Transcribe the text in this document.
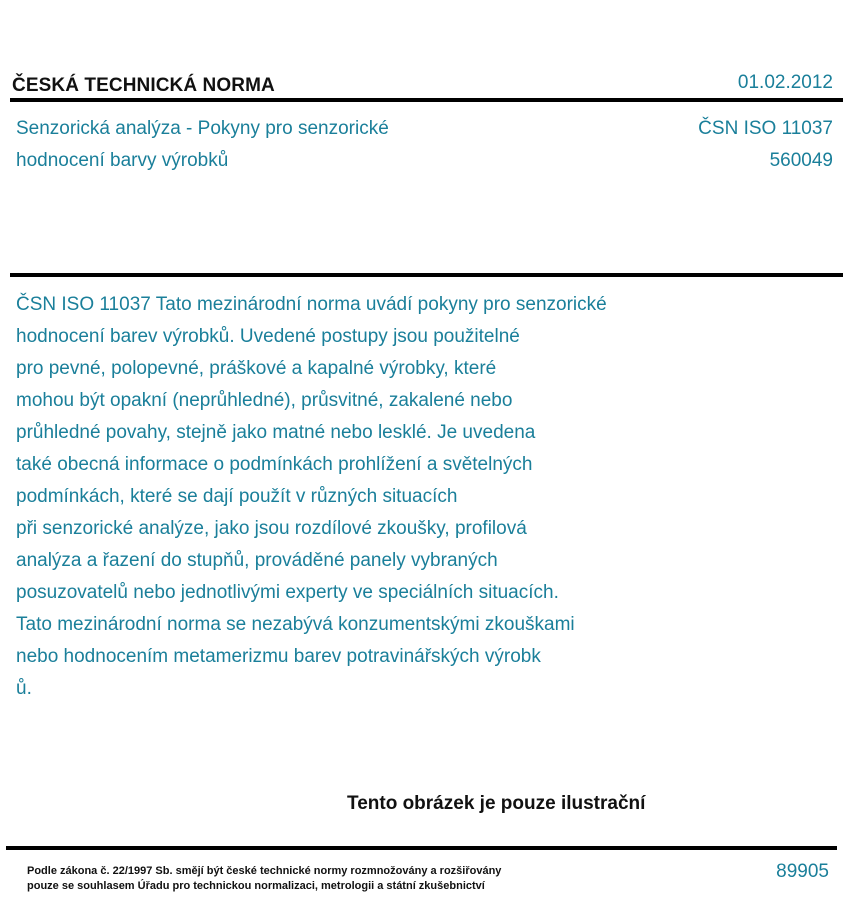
ČESKÁ TECHNICKÁ NORMA	01.02.2012
Senzorická analýza - Pokyny pro senzorické
hodnocení barvy výrobků
ČSN ISO 11037
560049
ČSN ISO 11037 Tato mezinárodní norma uvádí pokyny pro senzorické
hodnocení barev výrobků. Uvedené postupy jsou použitelné
pro pevné, polopevné, práškové a kapalné výrobky, které
mohou být opakní (neprůhledné), průsvitné, zakalené nebo
průhledné povahy, stejně jako matné nebo lesklé. Je uvedena
také obecná informace o podmínkách prohlížení a světelných
podmínkách, které se dají použít v různých situacích
při senzorické analýze, jako jsou rozdílové zkoušky, profilová
analýza a řazení do stupňů, prováděné panely vybraných
posuzovatelů nebo jednotlivými experty ve speciálních situacích.
Tato mezinárodní norma se nezabývá konzumentskými zkouškami
nebo hodnocením metamerizmu barev potravinářských výrobk
ů.
Tento obrázek je pouze ilustrační
Podle zákona č. 22/1997 Sb. smějí být české technické normy rozmnožovány a rozšiřovány
pouze se souhlasem Úřadu pro technickou normalizaci, metrologii a státní zkušebnictví
89905
